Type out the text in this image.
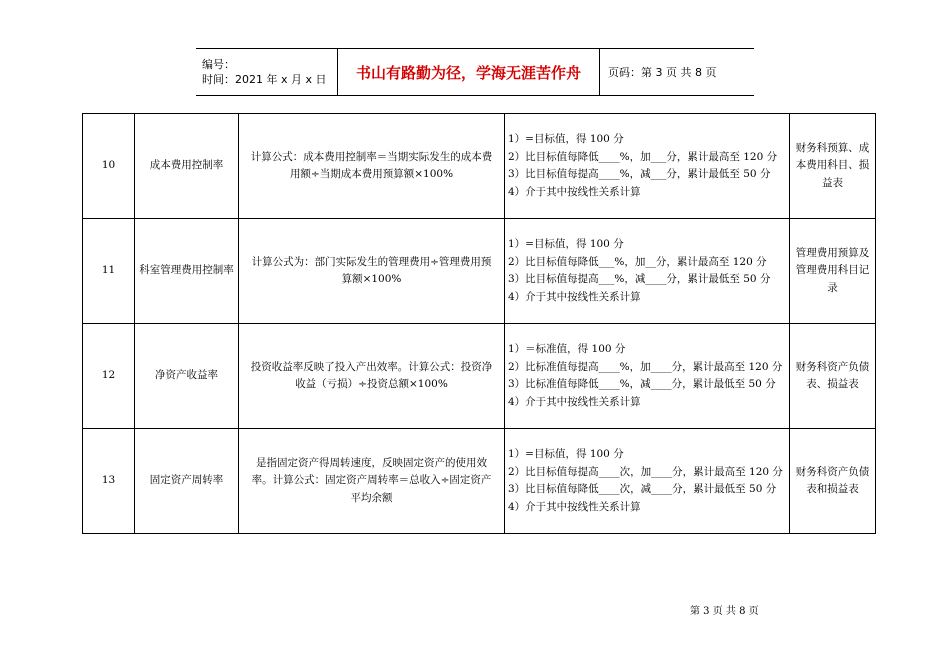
编号：
时间：2021 年 x 月 x 日	书山有路勤为径，学海无涯苦作舟 页码：第 3 页 共 8 页
10	成本费用控制率	计算公式：成本费用控制率＝当期实际发生的成本费用额÷当期成本费用预算额×100%	1）=目标值，得 100 分
2）比目标值每降低____%，加___分，累计最高至 120 分
3）比目标值每提高____%，减___分，累计最低至 50 分
4）介于其中按线性关系计算	财务科预算、成本费用科目、损益表
11	科室管理费用控制率	计算公式为：部门实际发生的管理费用÷管理费用预算额×100%	1）=目标值，得 100 分
2）比目标值每降低___%，加__分，累计最高至 120 分
3）比目标值每提高___%，减____分，累计最低至 50 分
4）介于其中按线性关系计算	管理费用预算及管理费用科目记录
12	净资产收益率	投资收益率反映了投入产出效率。计算公式：投资净收益（亏损）÷投资总额×100%	1）＝标准值，得 100 分
2）比标准值每提高____%，加____分，累计最高至 120 分
3）比标准值每降低____%，减____分，累计最低至 50 分
4）介于其中按线性关系计算	财务科资产负债表、损益表
13	固定资产周转率	是指固定资产得周转速度，反映固定资产的使用效率。计算公式：固定资产周转率＝总收入÷固定资产平均余额	1）=目标值，得 100 分
2）比目标值每提高____次，加____分，累计最高至 120 分
3）比目标值每降低____次，减____分，累计最低至 50 分
4）介于其中按线性关系计算	财务科资产负债表和损益表
第 3 页 共 8 页
